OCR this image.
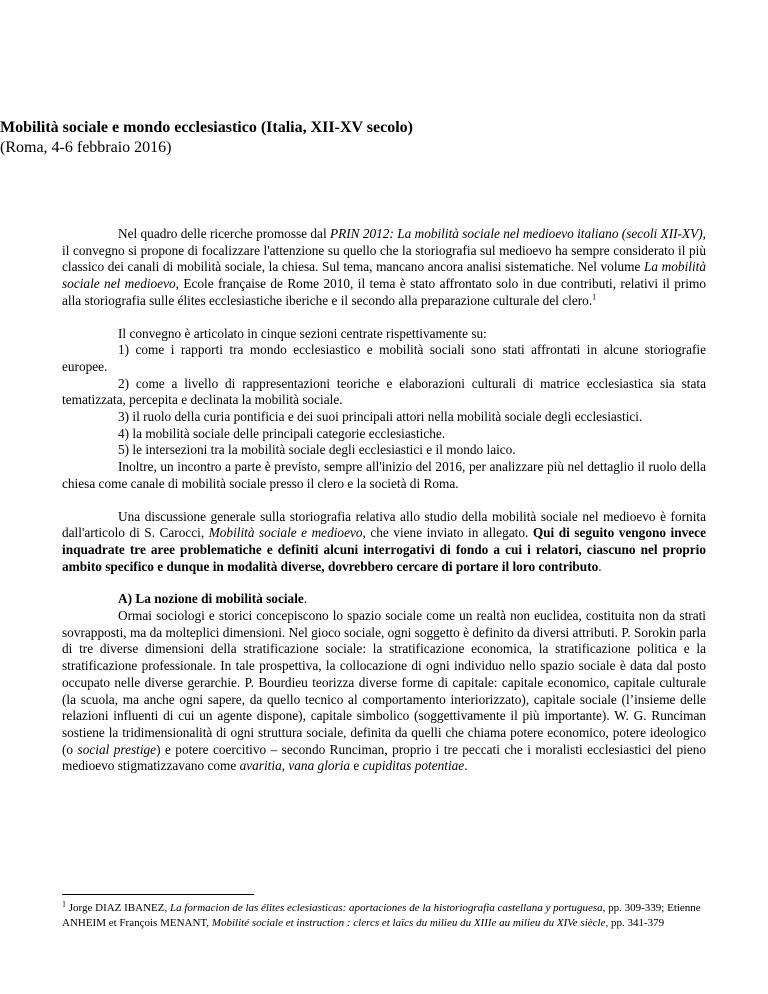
Mobilità sociale e mondo ecclesiastico (Italia, XII-XV secolo)

(Roma, 4-6 febbraio 2016)

Nel quadro delle ricerche promosse dal PRIN 2012: La mobilità sociale nel medioevo italiano (secoli XII-XV), il convegno si propone di focalizzare l'attenzione su quello che la storiografia sul medioevo ha sempre considerato il più classico dei canali di mobilità sociale, la chiesa. Sul tema, mancano ancora analisi sistematiche. Nel volume La mobilità sociale nel medioevo, Ecole française de Rome 2010, il tema è stato affrontato solo in due contributi, relativi il primo alla storiografia sulle élites ecclesiastiche iberiche e il secondo alla preparazione culturale del clero.$^1$

Il convegno è articolato in cinque sezioni centrate rispettivamente su:

1) come i rapporti tra mondo ecclesiastico e mobilità sociali sono stati affrontati in alcune storiografie europee.

2) come a livello di rappresentazioni teoriche e elaborazioni culturali di matrice ecclesiastica sia stata tematizzata, percepita e declinata la mobilità sociale.

3) il ruolo della curia pontificia e dei suoi principali attori nella mobilità sociale degli ecclesiastici.

4) la mobilità sociale delle principali categorie ecclesiastiche.

5) le intersezioni tra la mobilità sociale degli ecclesiastici e il mondo laico.

Inoltre, un incontro a parte è previsto, sempre all'inizio del 2016, per analizzare più nel dettaglio il ruolo della chiesa come canale di mobilità sociale presso il clero e la società di Roma.

Una discussione generale sulla storiografia relativa allo studio della mobilità sociale nel medioevo è fornita dall'articolo di S. Carocci, Mobilità sociale e medioevo, che viene inviato in allegato. Qui di seguito vengono invece inquadrate tre aree problematiche e definiti alcuni interrogativi di fondo a cui i relatori, ciascuno nel proprio ambito specifico e dunque in modalità diverse, dovrebbero cercare di portare il loro contributo.

A) La nozione di mobilità sociale.

Ormai sociologi e storici concepiscono lo spazio sociale come un realtà non euclidea, costituita non da strati sovrapposti, ma da molteplici dimensioni. Nel gioco sociale, ogni soggetto è definito da diversi attributi. P. Sorokin parla di tre diverse dimensioni della stratificazione sociale: la stratificazione economica, la stratificazione politica e la stratificazione professionale. In tale prospettiva, la collocazione di ogni individuo nello spazio sociale è data dal posto occupato nelle diverse gerarchie. P. Bourdieu teorizza diverse forme di capitale: capitale economico, capitale culturale (la scuola, ma anche ogni sapere, da quello tecnico al comportamento interiorizzato), capitale sociale (l’insieme delle relazioni influenti di cui un agente dispone), capitale simbolico (soggettivamente il più importante). W. G. Runciman sostiene la tridimensionalità di ogni struttura sociale, definita da quelli che chiama potere economico, potere ideologico (o social prestige) e potere coercitivo – secondo Runciman, proprio i tre peccati che i moralisti ecclesiastici del pieno medioevo stigmatizzavano come avaritia, vana gloria e cupiditas potentiae.

$^1$ Jorge DIAZ IBANEZ, La formacion de las élites eclesiasticas: aportaciones de la historiografia castellana y portuguesa, pp. 309-339; Etienne ANHEIM et François MENANT, Mobilité sociale et instruction : clercs et laïcs du milieu du XIIIe au milieu du XIVe siècle, pp. 341-379
